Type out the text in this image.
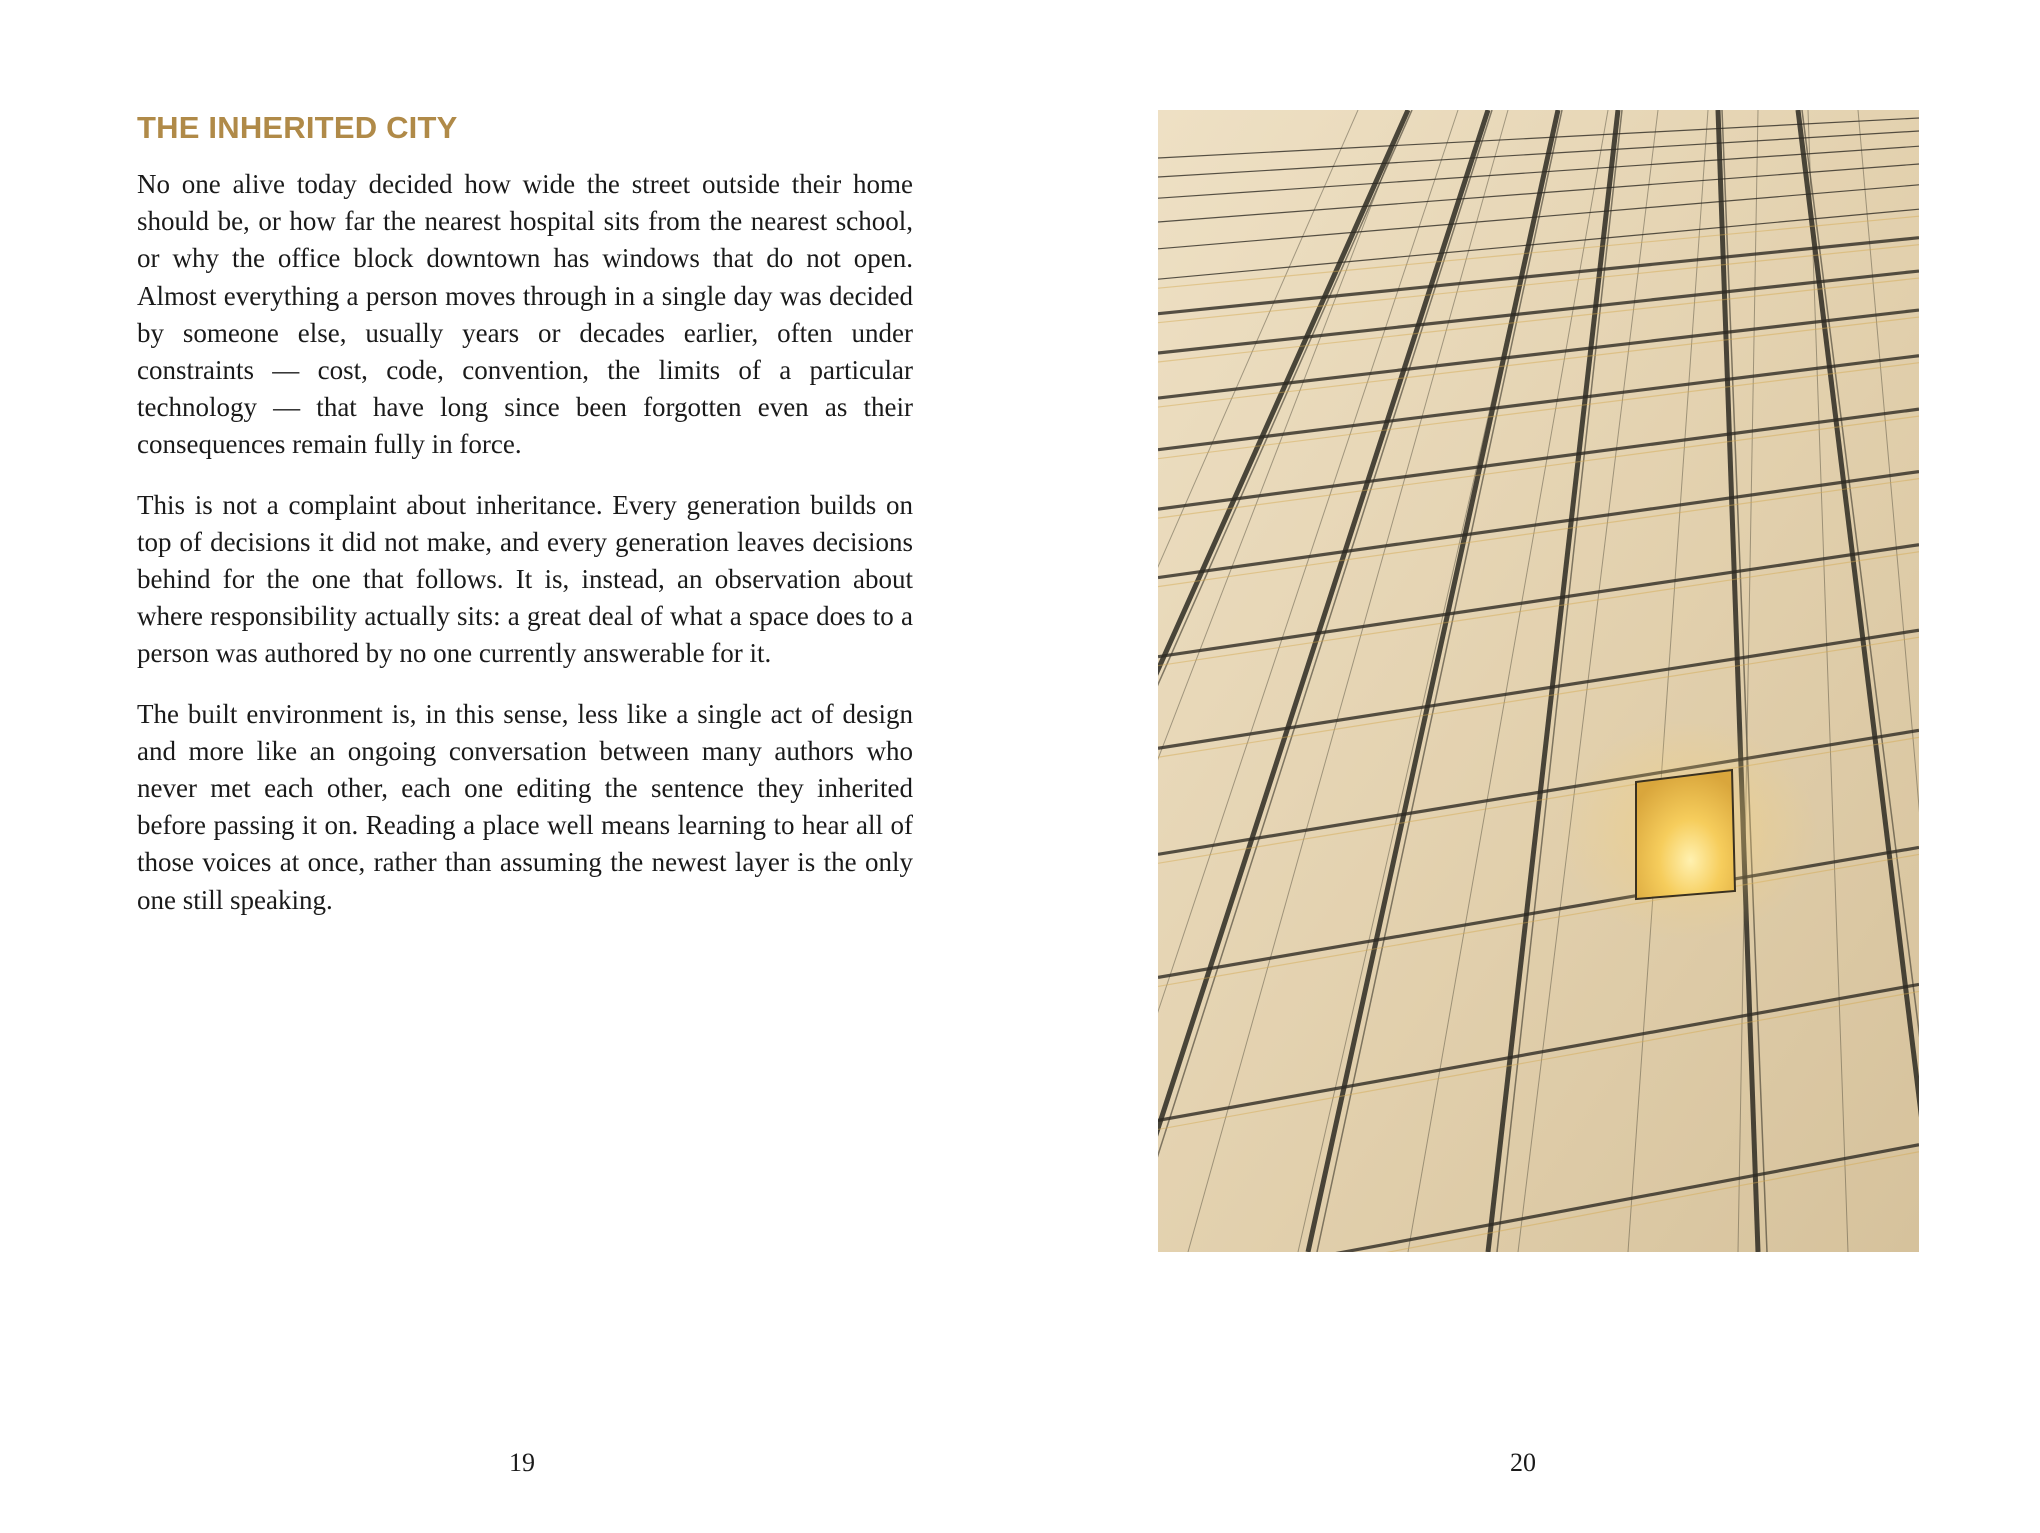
THE INHERITED CITY

No one alive today decided how wide the street outside their home should be, or how far the nearest hospital sits from the nearest school, or why the office block downtown has windows that do not open. Almost everything a person moves through in a single day was decided by someone else, usually years or decades earlier, often under constraints — cost, code, convention, the limits of a particular technology — that have long since been forgotten even as their consequences remain fully in force.

This is not a complaint about inheritance. Every generation builds on top of decisions it did not make, and every generation leaves decisions behind for the one that follows. It is, instead, an observation about where responsibility actually sits: a great deal of what a space does to a person was authored by no one currently answerable for it.

The built environment is, in this sense, less like a single act of design and more like an ongoing conversation between many authors who never met each other, each one editing the sentence they inherited before passing it on. Reading a place well means learning to hear all of those voices at once, rather than assuming the newest layer is the only one still speaking.

19	20
